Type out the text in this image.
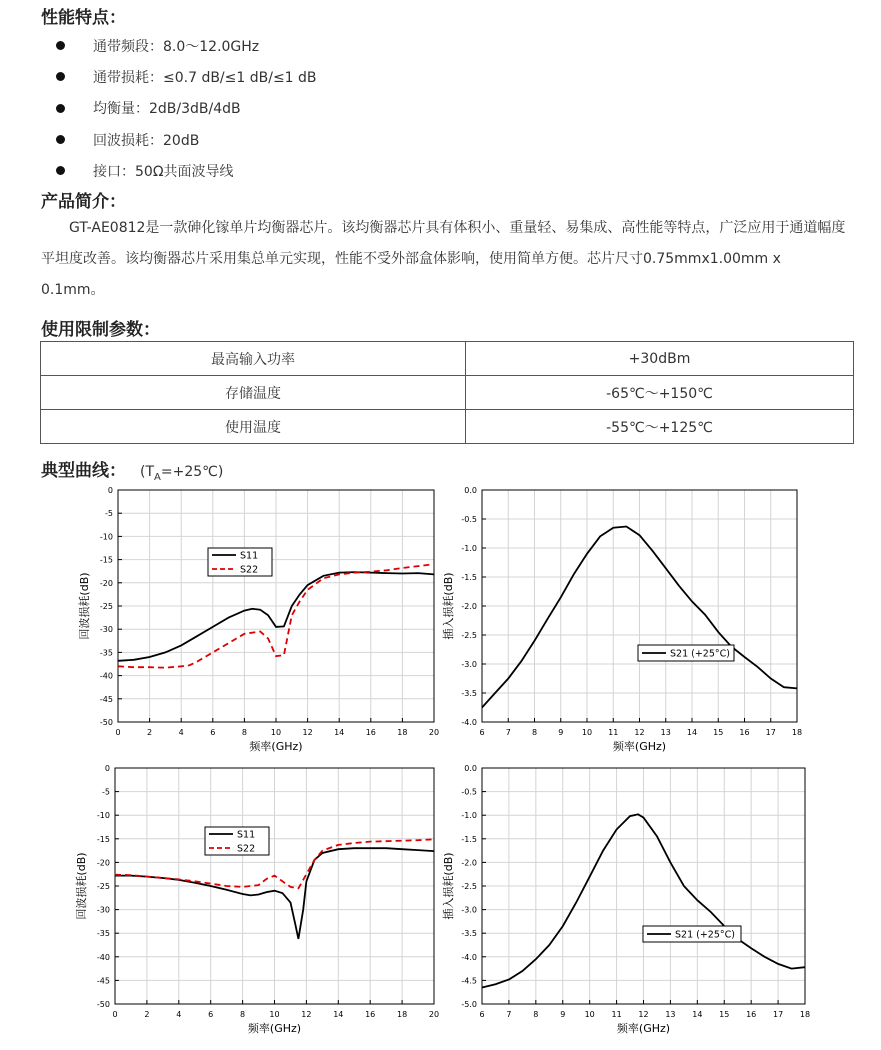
性能特点：
通带频段：8.0～12.0GHz
通带损耗：≤0.7 dB/≤1 dB/≤1 dB
均衡量：2dB/3dB/4dB
回波损耗：20dB
接口：50Ω共面波导线
产品简介：
GT-AE0812是一款砷化镓单片均衡器芯片。该均衡器芯片具有体积小、重量轻、易集成、高性能等特点，广泛应用于通道幅度平坦度改善。该均衡器芯片采用集总单元实现，性能不受外部盒体影响，使用简单方便。芯片尺寸0.75mmx1.00mm x 0.1mm。
使用限制参数：
最高输入功率	+30dBm
存储温度	-65℃～+150℃
使用温度	-55℃～+125℃
典型曲线： $(T_A=+25℃)$
0	2	4	6	8	10	12	14	16	18	20
0
-5
-10
-15
-20
-25
-30
-35
-40
-45
-50
频率(GHz)
回波损耗(dB)
S11
S22
6	7	8	9 10 11 12 13 14 15 16 17 18
0.0
-0.5
-1.0
-1.5
-2.0
-2.5
-3.0
-3.5
-4.0
频率(GHz)
插入损耗(dB)
S21 (+25°C)
0	2	4	6	8	10	12	14	16	18	20
0
-5
-10
-15
-20
-25
-30
-35
-40
-45
-50
频率(GHz)
回波损耗(dB)
S11
S22
6	7	8	9 10 11 12 13 14 15 16 17 18
0.0
-0.5
-1.0
-1.5
-2.0
-2.5
-3.0
-3.5
-4.0
-4.5
-5.0
频率(GHz)
插入损耗(dB)
S21 (+25°C)
